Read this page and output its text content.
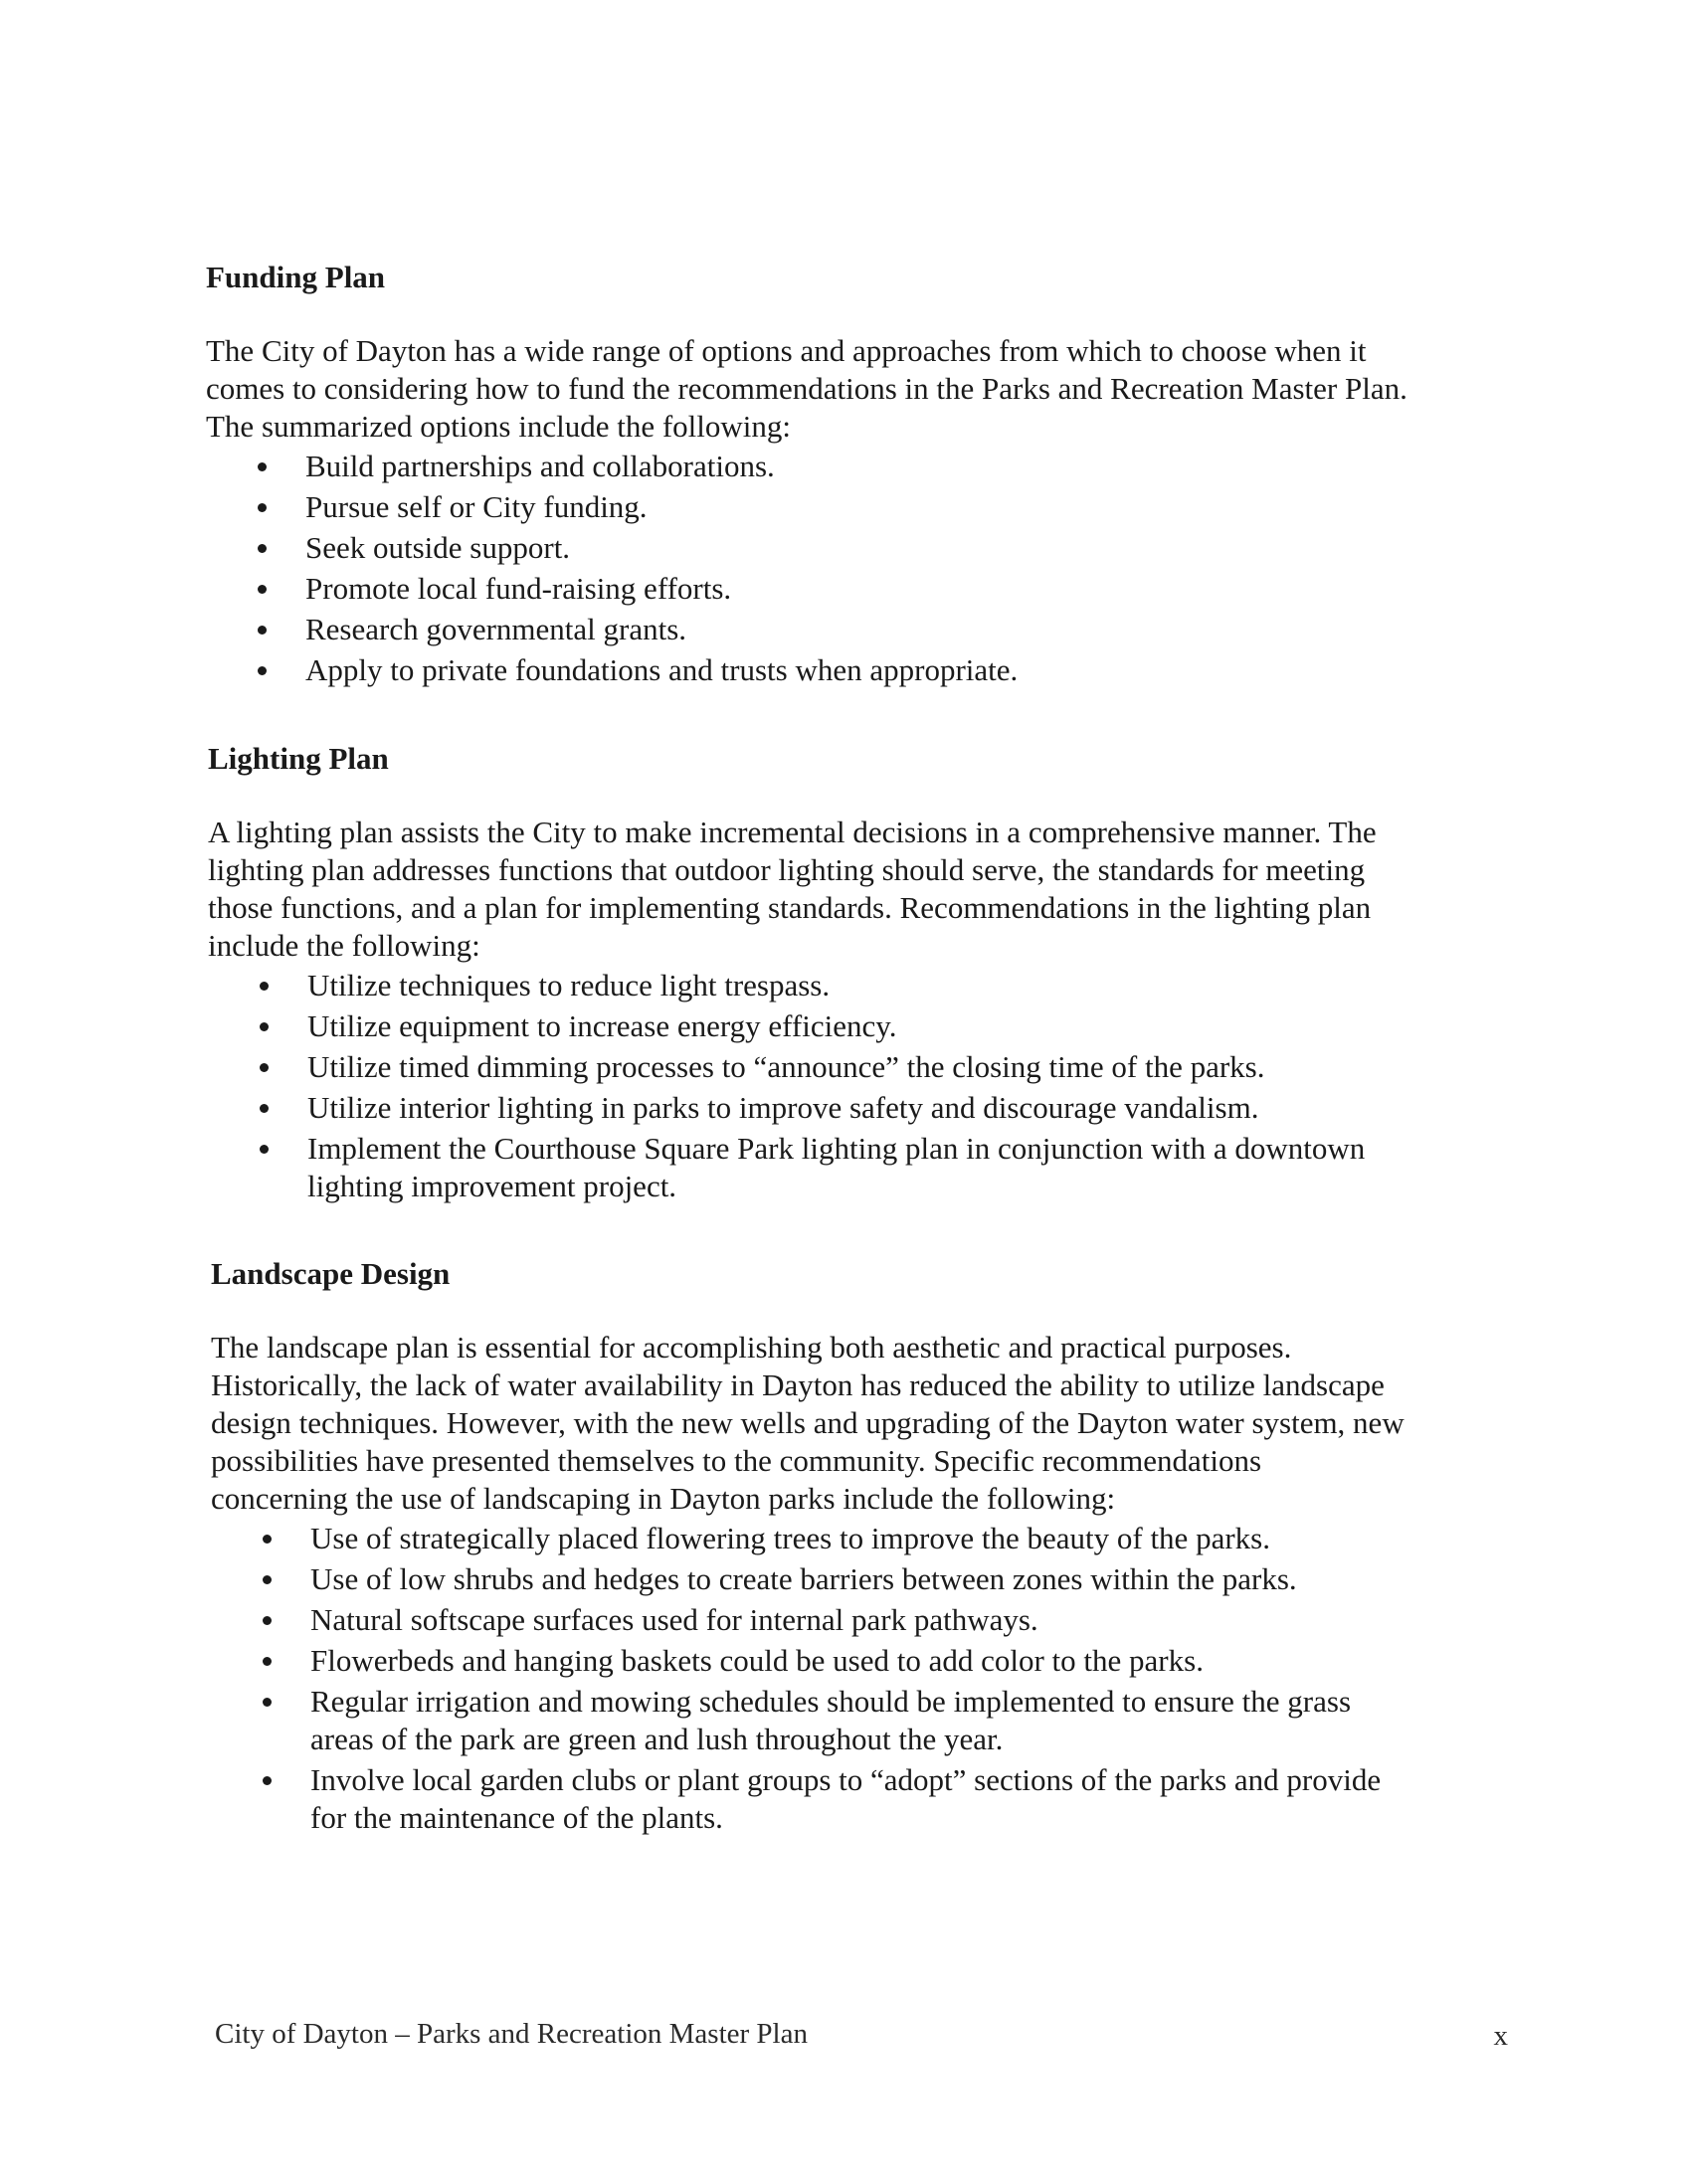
Funding Plan

The City of Dayton has a wide range of options and approaches from which to choose when it
comes to considering how to fund the recommendations in the Parks and Recreation Master Plan.
The summarized options include the following:

Build partnerships and collaborations.
Pursue self or City funding.
Seek outside support.
Promote local fund-raising efforts.
Research governmental grants.
Apply to private foundations and trusts when appropriate.
Lighting Plan

A lighting plan assists the City to make incremental decisions in a comprehensive manner. The
lighting plan addresses functions that outdoor lighting should serve, the standards for meeting
those functions, and a plan for implementing standards. Recommendations in the lighting plan
include the following:

Utilize techniques to reduce light trespass.
Utilize equipment to increase energy efficiency.
Utilize timed dimming processes to “announce” the closing time of the parks.
Utilize interior lighting in parks to improve safety and discourage vandalism.
Implement the Courthouse Square Park lighting plan in conjunction with a downtown
lighting improvement project.
Landscape Design

The landscape plan is essential for accomplishing both aesthetic and practical purposes.
Historically, the lack of water availability in Dayton has reduced the ability to utilize landscape
design techniques. However, with the new wells and upgrading of the Dayton water system, new
possibilities have presented themselves to the community. Specific recommendations
concerning the use of landscaping in Dayton parks include the following:

Use of strategically placed flowering trees to improve the beauty of the parks.
Use of low shrubs and hedges to create barriers between zones within the parks.
Natural softscape surfaces used for internal park pathways.
Flowerbeds and hanging baskets could be used to add color to the parks.
Regular irrigation and mowing schedules should be implemented to ensure the grass
areas of the park are green and lush throughout the year.
Involve local garden clubs or plant groups to “adopt” sections of the parks and provide
for the maintenance of the plants.
City of Dayton – Parks and Recreation Master Plan	x
